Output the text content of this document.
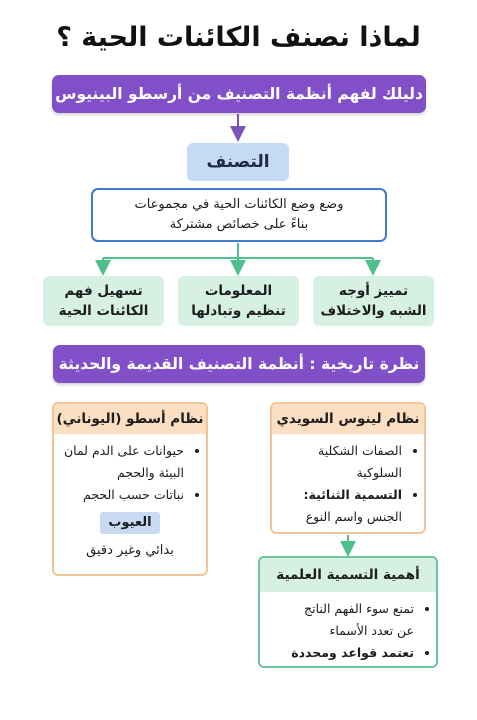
لماذا نصنف الكائنات الحية ؟
دليلك لفهم أنظمة التصنيف من أرسطو البينيوس
التصنف
وضع وضع الكائنات الحية في مجموعات
بناءً على خصائص مشتركة
تمييز أوجه
الشبه والاختلاف
المعلومات
تنظيم وتبادلها
تسهيل فهم
الكائنات الحية
نظرة تاريخية : أنظمة التصنيف القديمة والحديثة
نظام لينوس السويدي
• الصفات الشكلية
السلوكية
• التسمية الثنائية:
الجنس واسم النوع
نظام أسطو (اليوناني)
• حيوانات على الدم لمان
البيئة والحجم
• نباتات حسب الحجم
العيوب
بدائي وغير دقيق
أهمية التسمية العلمية
• تمنع سوء الفهم الناتج
عن تعدد الأسماء
• تعتمد قواعد ومحددة
